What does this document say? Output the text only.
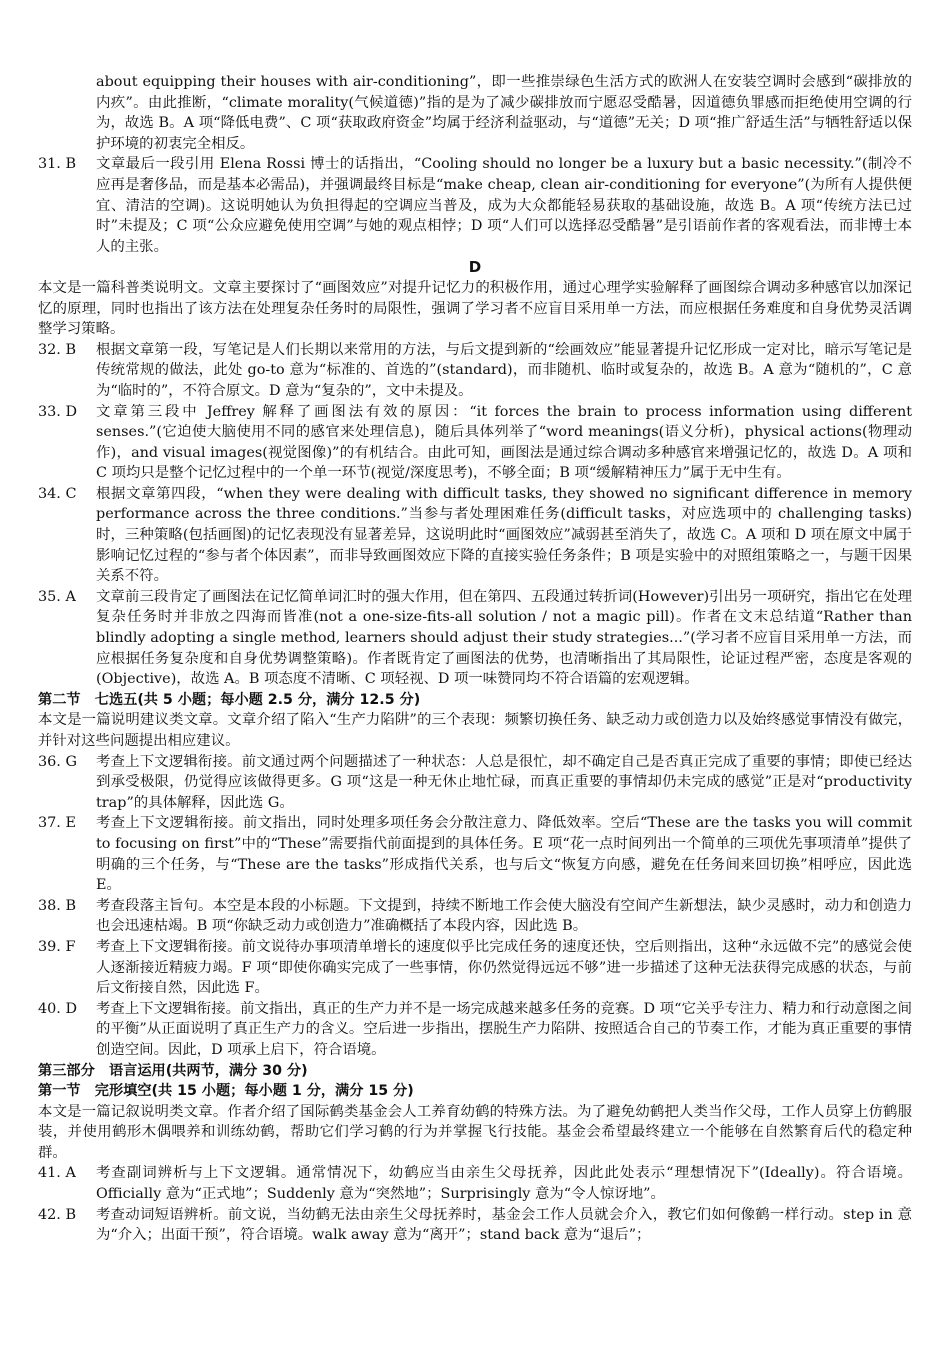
about equipping their houses with air-conditioning”，即一些推崇绿色生活方式的欧洲人在安装空调时会感到“碳排放的内疚”。由此推断，“climate morality(气候道德)”指的是为了减少碳排放而宁愿忍受酷暑，因道德负罪感而拒绝使用空调的行为，故选 B。A 项“降低电费”、C 项“获取政府资金”均属于经济利益驱动，与“道德”无关；D 项“推广舒适生活”与牺牲舒适以保护环境的初衷完全相反。

31. B	文章最后一段引用 Elena Rossi 博士的话指出，“Cooling should no longer be a luxury but a basic necessity.”(制冷不应再是奢侈品，而是基本必需品)，并强调最终目标是“make cheap, clean air-conditioning for everyone”(为所有人提供便宜、清洁的空调)。这说明她认为负担得起的空调应当普及，成为大众都能轻易获取的基础设施，故选 B。A 项“传统方法已过时”未提及；C 项“公众应避免使用空调”与她的观点相悖；D 项“人们可以选择忍受酷暑”是引语前作者的客观看法，而非博士本人的主张。

D

本文是一篇科普类说明文。文章主要探讨了“画图效应”对提升记忆力的积极作用，通过心理学实验解释了画图综合调动多种感官以加深记忆的原理，同时也指出了该方法在处理复杂任务时的局限性，强调了学习者不应盲目采用单一方法，而应根据任务难度和自身优势灵活调整学习策略。

32. B	根据文章第一段，写笔记是人们长期以来常用的方法，与后文提到新的“绘画效应”能显著提升记忆形成一定对比，暗示写笔记是传统常规的做法，此处 go-to 意为“标准的、首选的”(standard)，而非随机、临时或复杂的，故选 B。A 意为“随机的”，C 意为“临时的”，不符合原文。D 意为“复杂的”，文中未提及。
33. D	文章第三段中 Jeffrey 解释了画图法有效的原因：“it forces the brain to process information using different senses.”(它迫使大脑使用不同的感官来处理信息)，随后具体列举了“word meanings(语义分析)，physical actions(物理动作)，and visual images(视觉图像)”的有机结合。由此可知，画图法是通过综合调动多种感官来增强记忆的，故选 D。A 项和 C 项均只是整个记忆过程中的一个单一环节(视觉/深度思考)，不够全面；B 项“缓解精神压力”属于无中生有。
34. C	根据文章第四段，“when they were dealing with difficult tasks, they showed no significant difference in memory performance across the three conditions.”当参与者处理困难任务(difficult tasks，对应选项中的 challenging tasks)时，三种策略(包括画图)的记忆表现没有显著差异，这说明此时“画图效应”减弱甚至消失了，故选 C。A 项和 D 项在原文中属于影响记忆过程的“参与者个体因素”，而非导致画图效应下降的直接实验任务条件；B 项是实验中的对照组策略之一，与题干因果关系不符。
35. A	文章前三段肯定了画图法在记忆简单词汇时的强大作用，但在第四、五段通过转折词(However)引出另一项研究，指出它在处理复杂任务时并非放之四海而皆准(not a one-size-fits-all solution / not a magic pill)。作者在文末总结道“Rather than blindly adopting a single method, learners should adjust their study strategies...”(学习者不应盲目采用单一方法，而应根据任务复杂度和自身优势调整策略)。作者既肯定了画图法的优势，也清晰指出了其局限性，论证过程严密，态度是客观的(Objective)，故选 A。B 项态度不清晰、C 项轻视、D 项一味赞同均不符合语篇的宏观逻辑。

第二节　七选五(共 5 小题；每小题 2.5 分，满分 12.5 分)

本文是一篇说明建议类文章。文章介绍了陷入“生产力陷阱”的三个表现：频繁切换任务、缺乏动力或创造力以及始终感觉事情没有做完，并针对这些问题提出相应建议。

36. G	考查上下文逻辑衔接。前文通过两个问题描述了一种状态：人总是很忙，却不确定自己是否真正完成了重要的事情；即使已经达到承受极限，仍觉得应该做得更多。G 项“这是一种无休止地忙碌，而真正重要的事情却仍未完成的感觉”正是对“productivity trap”的具体解释，因此选 G。
37. E	考查上下文逻辑衔接。前文指出，同时处理多项任务会分散注意力、降低效率。空后“These are the tasks you will commit to focusing on first”中的“These”需要指代前面提到的具体任务。E 项“花一点时间列出一个简单的三项优先事项清单”提供了明确的三个任务，与“These are the tasks”形成指代关系，也与后文“恢复方向感，避免在任务间来回切换”相呼应，因此选 E。
38. B	考查段落主旨句。本空是本段的小标题。下文提到，持续不断地工作会使大脑没有空间产生新想法，缺少灵感时，动力和创造力也会迅速枯竭。B 项“你缺乏动力或创造力”准确概括了本段内容，因此选 B。
39. F	考查上下文逻辑衔接。前文说待办事项清单增长的速度似乎比完成任务的速度还快，空后则指出，这种“永远做不完”的感觉会使人逐渐接近精疲力竭。F 项“即使你确实完成了一些事情，你仍然觉得远远不够”进一步描述了这种无法获得完成感的状态，与前后文衔接自然，因此选 F。
40. D	考查上下文逻辑衔接。前文指出，真正的生产力并不是一场完成越来越多任务的竞赛。D 项“它关乎专注力、精力和行动意图之间的平衡”从正面说明了真正生产力的含义。空后进一步指出，摆脱生产力陷阱、按照适合自己的节奏工作，才能为真正重要的事情创造空间。因此，D 项承上启下，符合语境。

第三部分　语言运用(共两节，满分 30 分)

第一节　完形填空(共 15 小题；每小题 1 分，满分 15 分)

本文是一篇记叙说明类文章。作者介绍了国际鹤类基金会人工养育幼鹤的特殊方法。为了避免幼鹤把人类当作父母，工作人员穿上仿鹤服装，并使用鹤形木偶喂养和训练幼鹤，帮助它们学习鹤的行为并掌握飞行技能。基金会希望最终建立一个能够在自然繁育后代的稳定种群。

41. A	考查副词辨析与上下文逻辑。通常情况下，幼鹤应当由亲生父母抚养，因此此处表示“理想情况下”(Ideally)。符合语境。Officially 意为“正式地”；Suddenly 意为“突然地”；Surprisingly 意为“令人惊讶地”。
42. B	考查动词短语辨析。前文说，当幼鹤无法由亲生父母抚养时，基金会工作人员就会介入，教它们如何像鹤一样行动。step in 意为“介入；出面干预”，符合语境。walk away 意为“离开”；stand back 意为“退后”；
